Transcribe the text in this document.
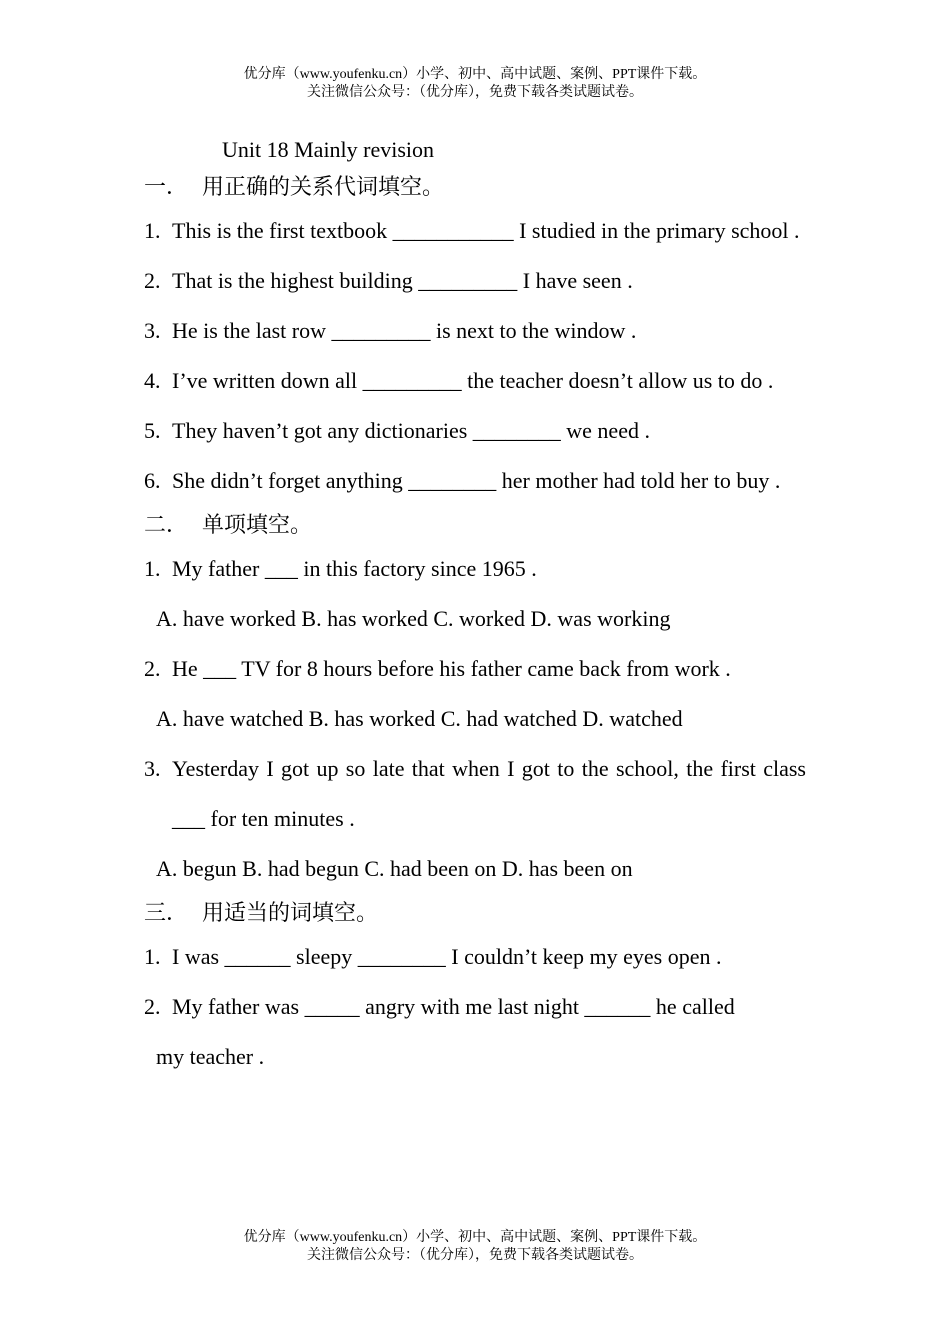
优分库（www.youfenku.cn）小学、初中、高中试题、案例、PPT课件下载。
关注微信公众号：（优分库），免费下载各类试题试卷。
Unit 18 Mainly revision
一． 用正确的关系代词填空。
1. This is the first textbook ___________ I studied in the primary school .
2. That is the highest building _________ I have seen .
3. He is the last row _________ is next to the window .
4. I’ve written down all _________ the teacher doesn’t allow us to do .
5. They haven’t got any dictionaries ________ we need .
6. She didn’t forget anything ________ her mother had told her to buy .
二． 单项填空。
1. My father ___ in this factory since 1965 .
A. have worked B. has worked C. worked D. was working
2. He ___ TV for 8 hours before his father came back from work .
A. have watched B. has worked C. had watched D. watched
3. Yesterday I got up so late that when I got to the school, the first class ___ for ten minutes .
A. begun B. had begun C. had been on D. has been on
三． 用适当的词填空。
1. I was ______ sleepy ________ I couldn’t keep my eyes open .
2. My father was _____ angry with me last night ______ he called
my teacher .
优分库（www.youfenku.cn）小学、初中、高中试题、案例、PPT课件下载。
关注微信公众号：（优分库），免费下载各类试题试卷。
